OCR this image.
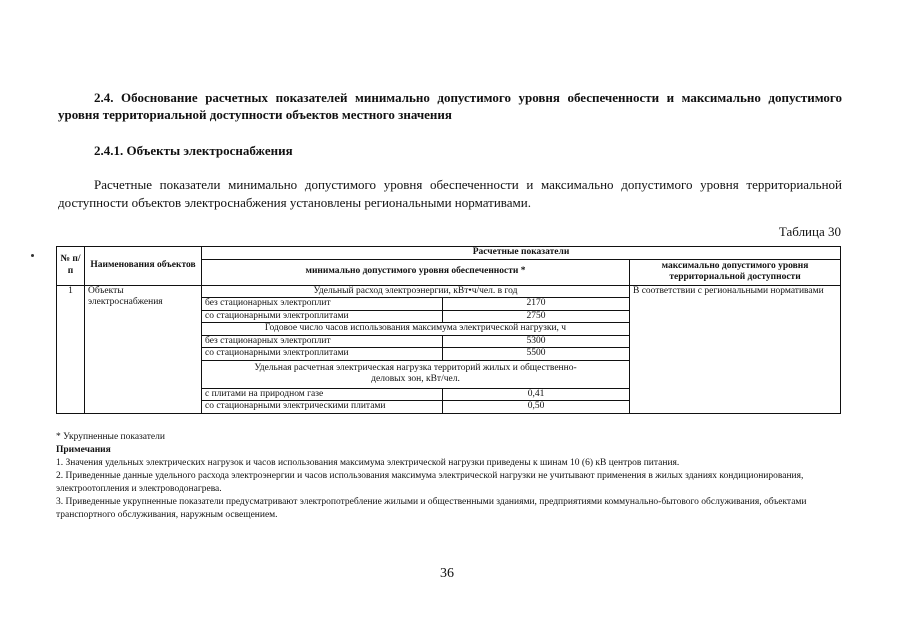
2.4. Обоснование расчетных показателей минимально допустимого уровня обеспеченности и максимально допустимого уровня территориальной доступности объектов местного значения
2.4.1. Объекты электроснабжения
Расчетные показатели минимально допустимого уровня обеспеченности и максимально допустимого уровня территориальной доступности объектов электроснабжения установлены региональными нормативами.
Таблица 30
№ п/п	Наименования объектов	Расчетные показатели		
		минимально допустимого уровня обеспеченности *		максимально допустимого уровня территориальной доступности
1	Объекты электроснабжения	Удельный расход электроэнергии, кВт•ч/чел. в год		В соответствии с региональными нормативами
		без стационарных электроплит	2170	
		со стационарными электроплитами	2750	
		Годовое число часов использования максимума электрической нагрузки, ч		
		без стационарных электроплит	5300	
		со стационарными электроплитами	5500	
		Удельная расчетная электрическая нагрузка территорий жилых и общественно-деловых зон, кВт/чел.		
		с плитами на природном газе	0,41	
		со стационарными электрическими плитами	0,50	
* Укрупненные показатели
Примечания
1. Значения удельных электрических нагрузок и часов использования максимума электрической нагрузки приведены к шинам 10 (6) кВ центров питания.
2. Приведенные данные удельного расхода электроэнергии и часов использования максимума электрической нагрузки не учитывают применения в жилых зданиях кондиционирования, электроотопления и электроводонагрева.
3. Приведенные укрупненные показатели предусматривают электропотребление жилыми и общественными зданиями, предприятиями коммунально-бытового обслуживания, объектами транспортного обслуживания, наружным освещением.
36
